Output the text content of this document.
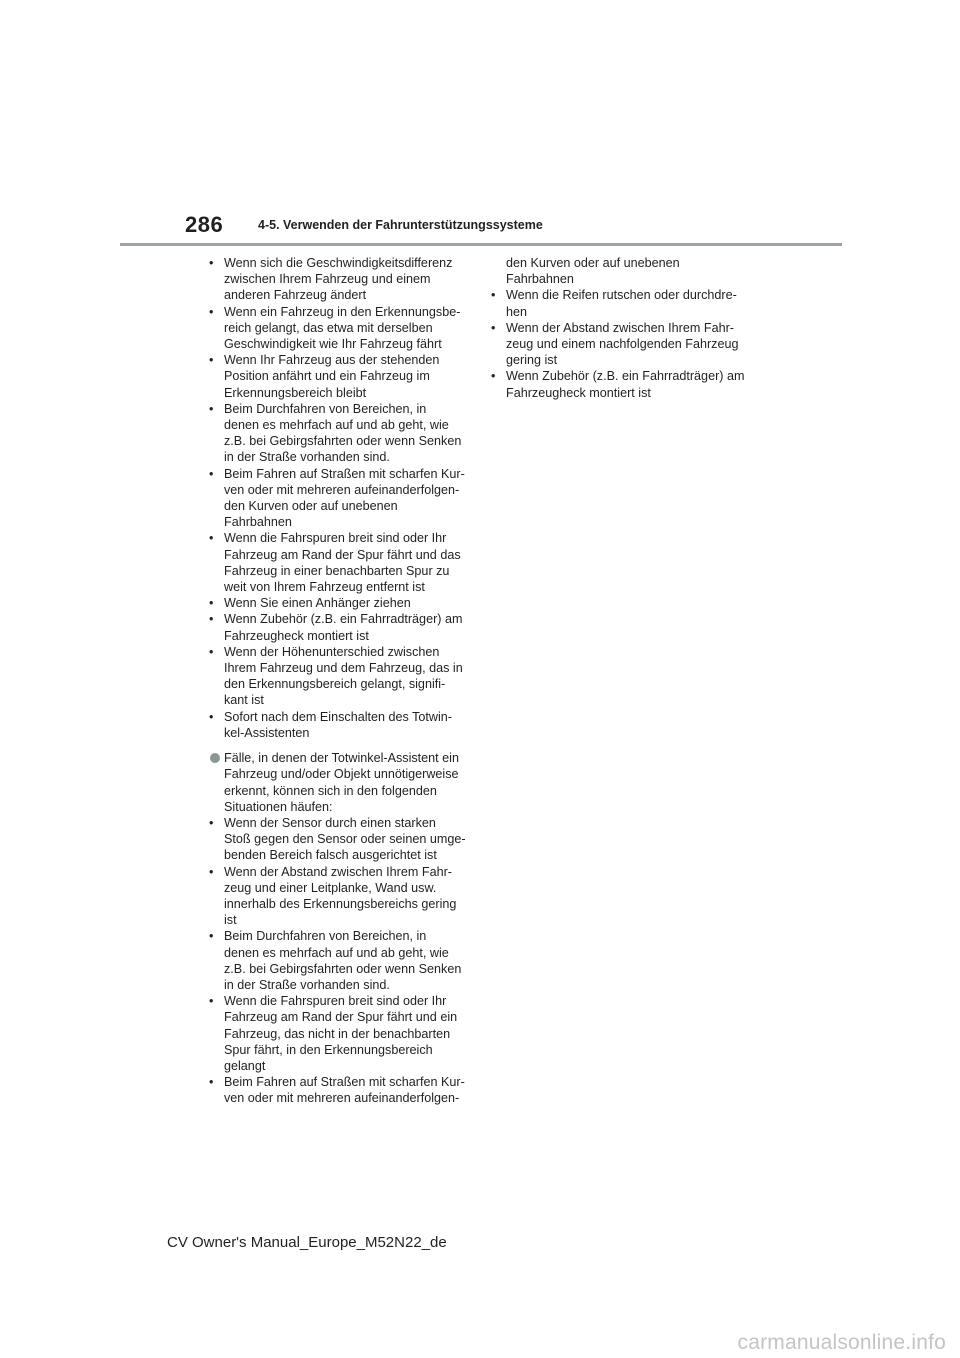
286	4-5. Verwenden der Fahrunterstützungssysteme
• Wenn sich die Geschwindigkeitsdifferenz
zwischen Ihrem Fahrzeug und einem
anderen Fahrzeug ändert
• Wenn ein Fahrzeug in den Erkennungsbe-
reich gelangt, das etwa mit derselben
Geschwindigkeit wie Ihr Fahrzeug fährt
• Wenn Ihr Fahrzeug aus der stehenden
Position anfährt und ein Fahrzeug im
Erkennungsbereich bleibt
• Beim Durchfahren von Bereichen, in
denen es mehrfach auf und ab geht, wie
z.B. bei Gebirgsfahrten oder wenn Senken
in der Straße vorhanden sind.
• Beim Fahren auf Straßen mit scharfen Kur-
ven oder mit mehreren aufeinanderfolgen-
den Kurven oder auf unebenen
Fahrbahnen
• Wenn die Fahrspuren breit sind oder Ihr
Fahrzeug am Rand der Spur fährt und das
Fahrzeug in einer benachbarten Spur zu
weit von Ihrem Fahrzeug entfernt ist
• Wenn Sie einen Anhänger ziehen
• Wenn Zubehör (z.B. ein Fahrradträger) am
Fahrzeugheck montiert ist
• Wenn der Höhenunterschied zwischen
Ihrem Fahrzeug und dem Fahrzeug, das in
den Erkennungsbereich gelangt, signifi-
kant ist
• Sofort nach dem Einschalten des Totwin-
kel-Assistenten
Fälle, in denen der Totwinkel-Assistent ein
Fahrzeug und/oder Objekt unnötigerweise
erkennt, können sich in den folgenden
Situationen häufen:
• Wenn der Sensor durch einen starken
Stoß gegen den Sensor oder seinen umge-
benden Bereich falsch ausgerichtet ist
• Wenn der Abstand zwischen Ihrem Fahr-
zeug und einer Leitplanke, Wand usw.
innerhalb des Erkennungsbereichs gering
ist
• Beim Durchfahren von Bereichen, in
denen es mehrfach auf und ab geht, wie
z.B. bei Gebirgsfahrten oder wenn Senken
in der Straße vorhanden sind.
• Wenn die Fahrspuren breit sind oder Ihr
Fahrzeug am Rand der Spur fährt und ein
Fahrzeug, das nicht in der benachbarten
Spur fährt, in den Erkennungsbereich
gelangt
• Beim Fahren auf Straßen mit scharfen Kur-
ven oder mit mehreren aufeinanderfolgen-
den Kurven oder auf unebenen
Fahrbahnen
• Wenn die Reifen rutschen oder durchdre-
hen
• Wenn der Abstand zwischen Ihrem Fahr-
zeug und einem nachfolgenden Fahrzeug
gering ist
• Wenn Zubehör (z.B. ein Fahrradträger) am
Fahrzeugheck montiert ist
CV Owner's Manual_Europe_M52N22_de
carmanualsonline.info
